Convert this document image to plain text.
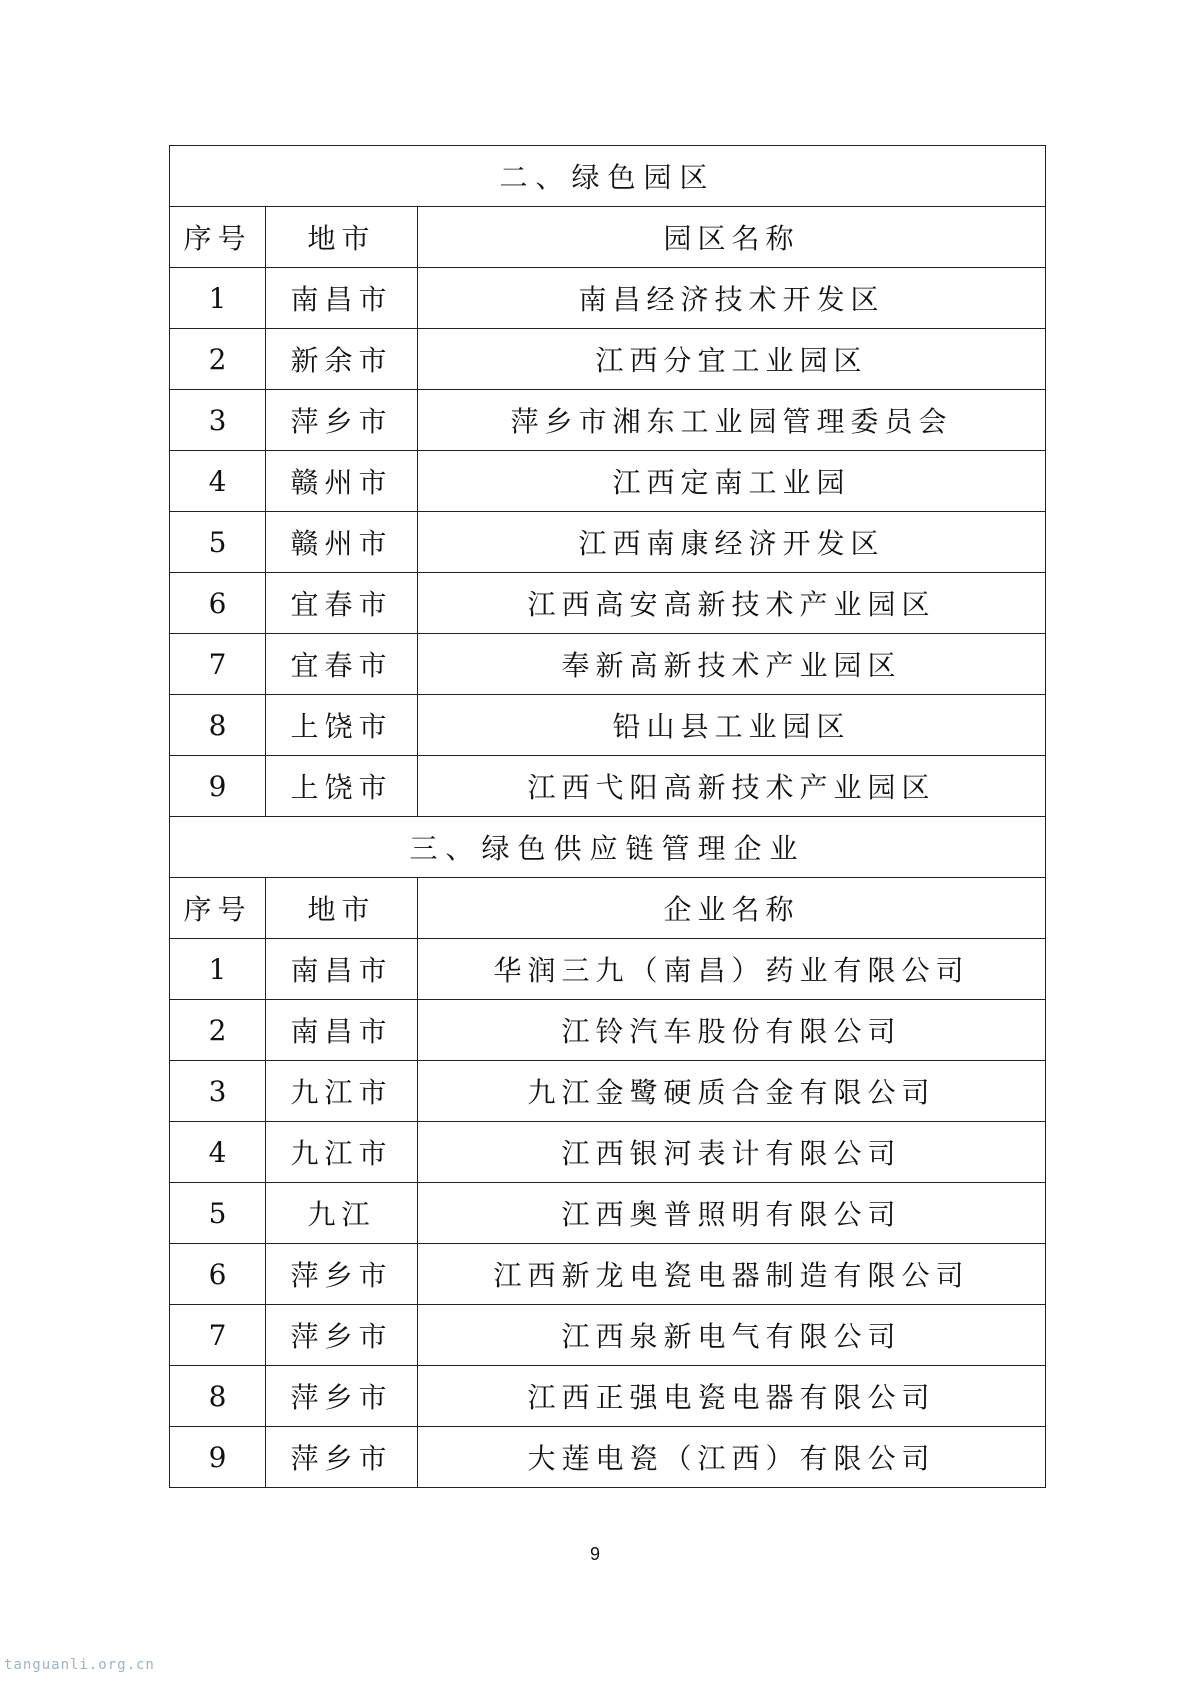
二、绿色园区		
序号	地市	园区名称
1	南昌市	南昌经济技术开发区
2	新余市	江西分宜工业园区
3	萍乡市	萍乡市湘东工业园管理委员会
4	赣州市	江西定南工业园
5	赣州市	江西南康经济开发区
6	宜春市	江西高安高新技术产业园区
7	宜春市	奉新高新技术产业园区
8	上饶市	铅山县工业园区
9	上饶市	江西弋阳高新技术产业园区
三、绿色供应链管理企业		
序号	地市	企业名称
1	南昌市	华润三九（南昌）药业有限公司
2	南昌市	江铃汽车股份有限公司
3	九江市	九江金鹭硬质合金有限公司
4	九江市	江西银河表计有限公司
5	九江	江西奥普照明有限公司
6	萍乡市	江西新龙电瓷电器制造有限公司
7	萍乡市	江西泉新电气有限公司
8	萍乡市	江西正强电瓷电器有限公司
9	萍乡市	大莲电瓷（江西）有限公司
9
tanguanli.org.cn
